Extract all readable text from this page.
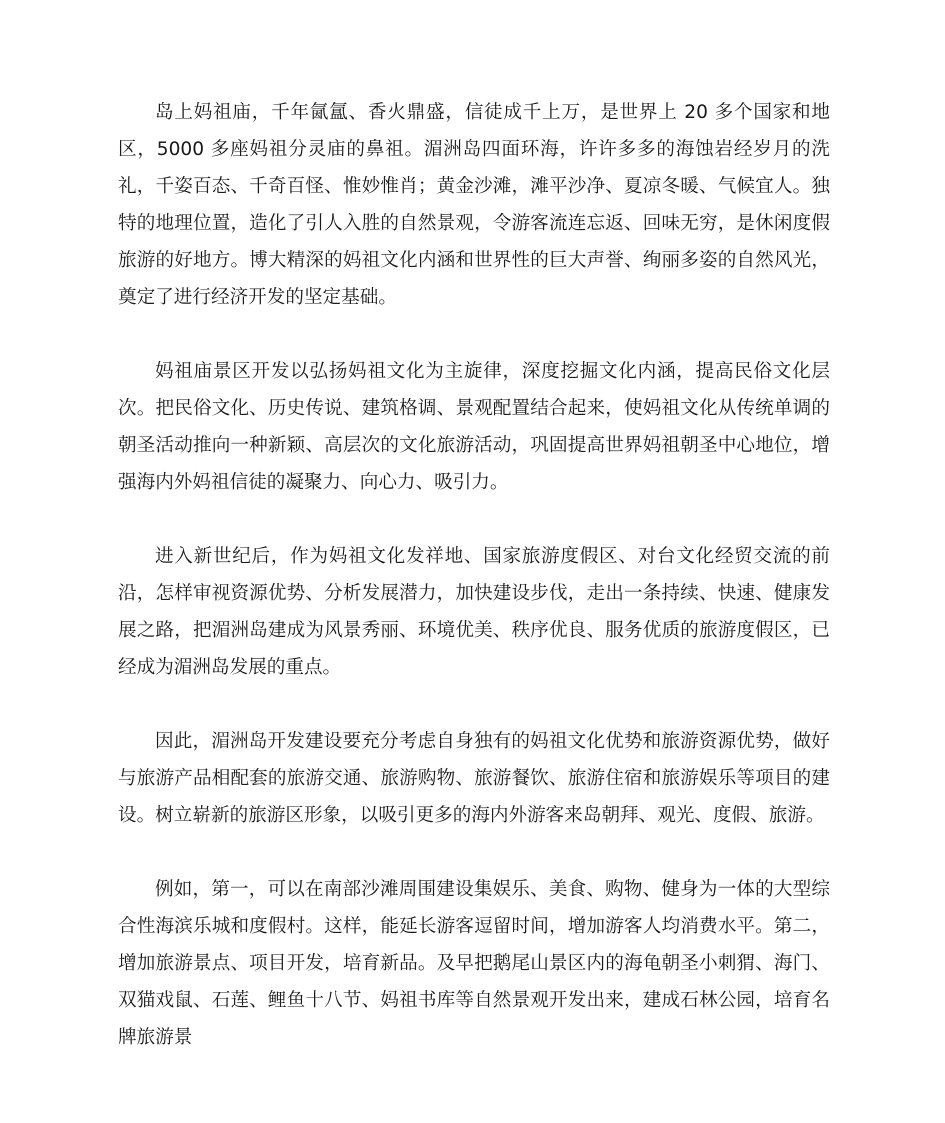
岛上妈祖庙，千年氤氲、香火鼎盛，信徒成千上万，是世界上 20 多个国家和地区，5000 多座妈祖分灵庙的鼻祖。湄洲岛四面环海，许许多多的海蚀岩经岁月的洗礼，千姿百态、千奇百怪、惟妙惟肖；黄金沙滩，滩平沙净、夏凉冬暖、气候宜人。独特的地理位置，造化了引人入胜的自然景观，令游客流连忘返、回味无穷，是休闲度假旅游的好地方。博大精深的妈祖文化内涵和世界性的巨大声誉、绚丽多姿的自然风光，奠定了进行经济开发的坚定基础。

妈祖庙景区开发以弘扬妈祖文化为主旋律，深度挖掘文化内涵，提高民俗文化层次。把民俗文化、历史传说、建筑格调、景观配置结合起来，使妈祖文化从传统单调的朝圣活动推向一种新颖、高层次的文化旅游活动，巩固提高世界妈祖朝圣中心地位，增强海内外妈祖信徒的凝聚力、向心力、吸引力。

进入新世纪后，作为妈祖文化发祥地、国家旅游度假区、对台文化经贸交流的前沿，怎样审视资源优势、分析发展潜力，加快建设步伐，走出一条持续、快速、健康发展之路，把湄洲岛建成为风景秀丽、环境优美、秩序优良、服务优质的旅游度假区，已经成为湄洲岛发展的重点。

因此，湄洲岛开发建设要充分考虑自身独有的妈祖文化优势和旅游资源优势，做好与旅游产品相配套的旅游交通、旅游购物、旅游餐饮、旅游住宿和旅游娱乐等项目的建设。树立崭新的旅游区形象，以吸引更多的海内外游客来岛朝拜、观光、度假、旅游。

例如，第一，可以在南部沙滩周围建设集娱乐、美食、购物、健身为一体的大型综合性海滨乐城和度假村。这样，能延长游客逗留时间，增加游客人均消费水平。第二，增加旅游景点、项目开发，培育新品。及早把鹅尾山景区内的海龟朝圣小刺猬、海门、双猫戏鼠、石莲、鲤鱼十八节、妈祖书库等自然景观开发出来，建成石林公园，培育名牌旅游景
